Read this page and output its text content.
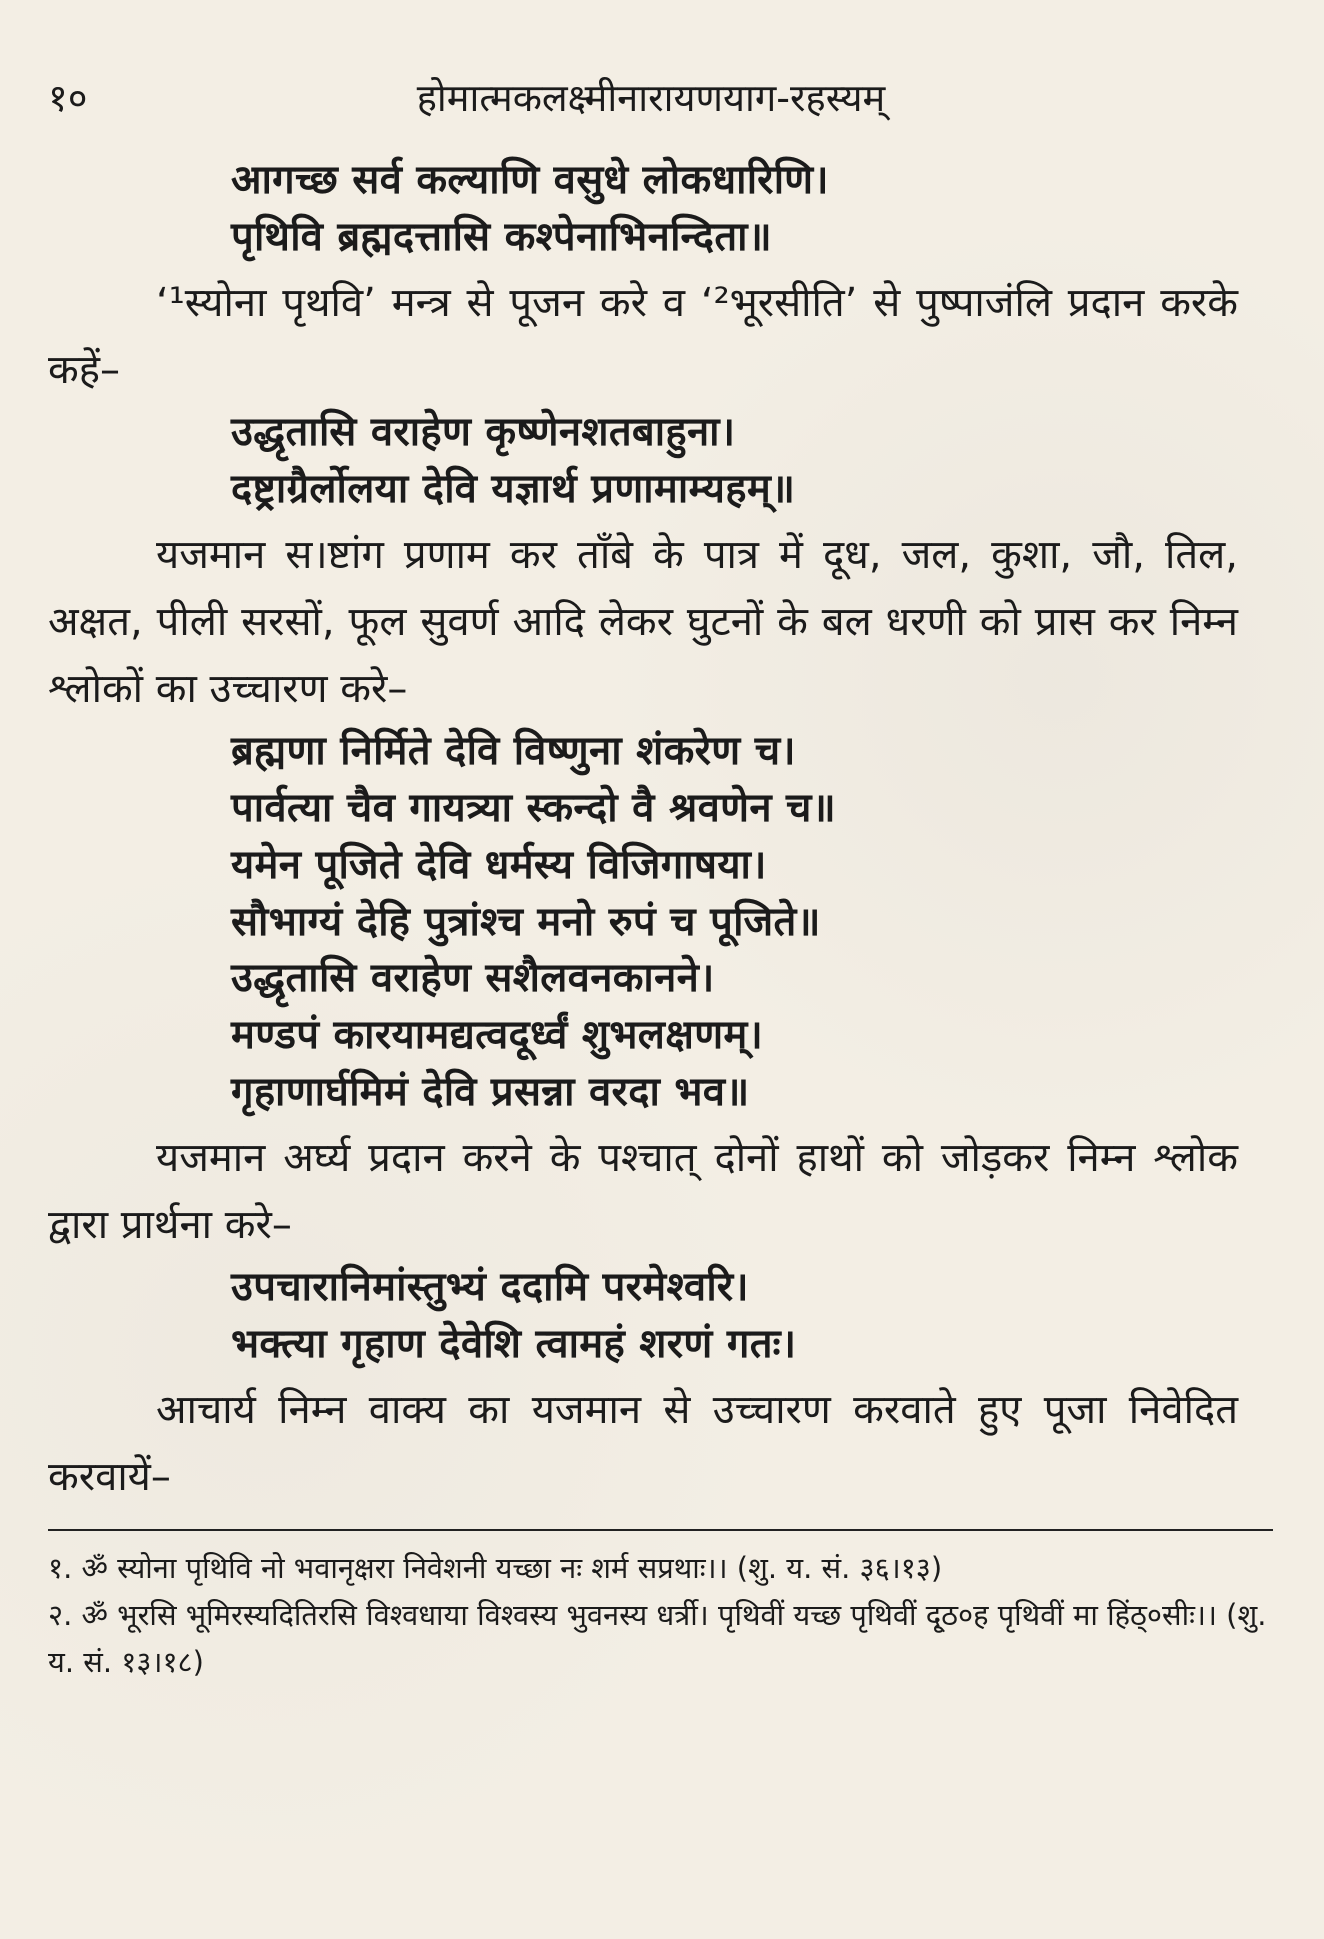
१०	होमात्मकलक्ष्मीनारायणयाग-रहस्यम्
आगच्छ सर्व कल्याणि वसुधे लोकधारिणि।
पृथिवि ब्रह्मदत्तासि कश्पेनाभिनन्दिता॥
‘¹स्योना पृथवि’ मन्त्र से पूजन करे व ‘²भूरसीति’ से पुष्पाजंलि प्रदान करके कहें–
उद्धृतासि वराहेण कृष्णेनशतबाहुना।
दष्ट्राग्रैर्लोलया देवि यज्ञार्थ प्रणामाम्यहम्॥
यजमान स।ष्टांग प्रणाम कर ताँबे के पात्र में दूध, जल, कुशा, जौ, तिल, अक्षत, पीली सरसों, फूल सुवर्ण आदि लेकर घुटनों के बल धरणी को प्रास कर निम्न श्लोकों का उच्चारण करे–
ब्रह्मणा निर्मिते देवि विष्णुना शंकरेण च।
पार्वत्या चैव गायत्र्या स्कन्दो वै श्रवणेन च॥
यमेन पूजिते देवि धर्मस्य विजिगाषया।
सौभाग्यं देहि पुत्रांश्च मनो रुपं च पूजिते॥
उद्धृतासि वराहेण सशैलवनकानने।
मण्डपं कारयामद्यत्वदूर्ध्वं शुभलक्षणम्।
गृहाणार्घमिमं देवि प्रसन्ना वरदा भव॥
यजमान अर्घ्य प्रदान करने के पश्चात् दोनों हाथों को जोड़कर निम्न श्लोक द्वारा प्रार्थना करे–
उपचारानिमांस्तुभ्यं ददामि परमेश्वरि।
भक्त्या गृहाण देवेशि त्वामहं शरणं गतः।
आचार्य निम्न वाक्य का यजमान से उच्चारण करवाते हुए पूजा निवेदित करवायें–
१. ॐ स्योना पृथिवि नो भवानृक्षरा निवेशनी यच्छा नः शर्म सप्रथाः।। (शु. य. सं. ३६।१३)
२. ॐ भूरसि भूमिरस्यदितिरसि विश्वधाया विश्वस्य भुवनस्य धर्त्री। पृथिवीं यच्छ पृथिवीं दृ्ठ०ह पृथिवीं मा हिंठ्०सीः।। (शु. य. सं. १३।१८)
